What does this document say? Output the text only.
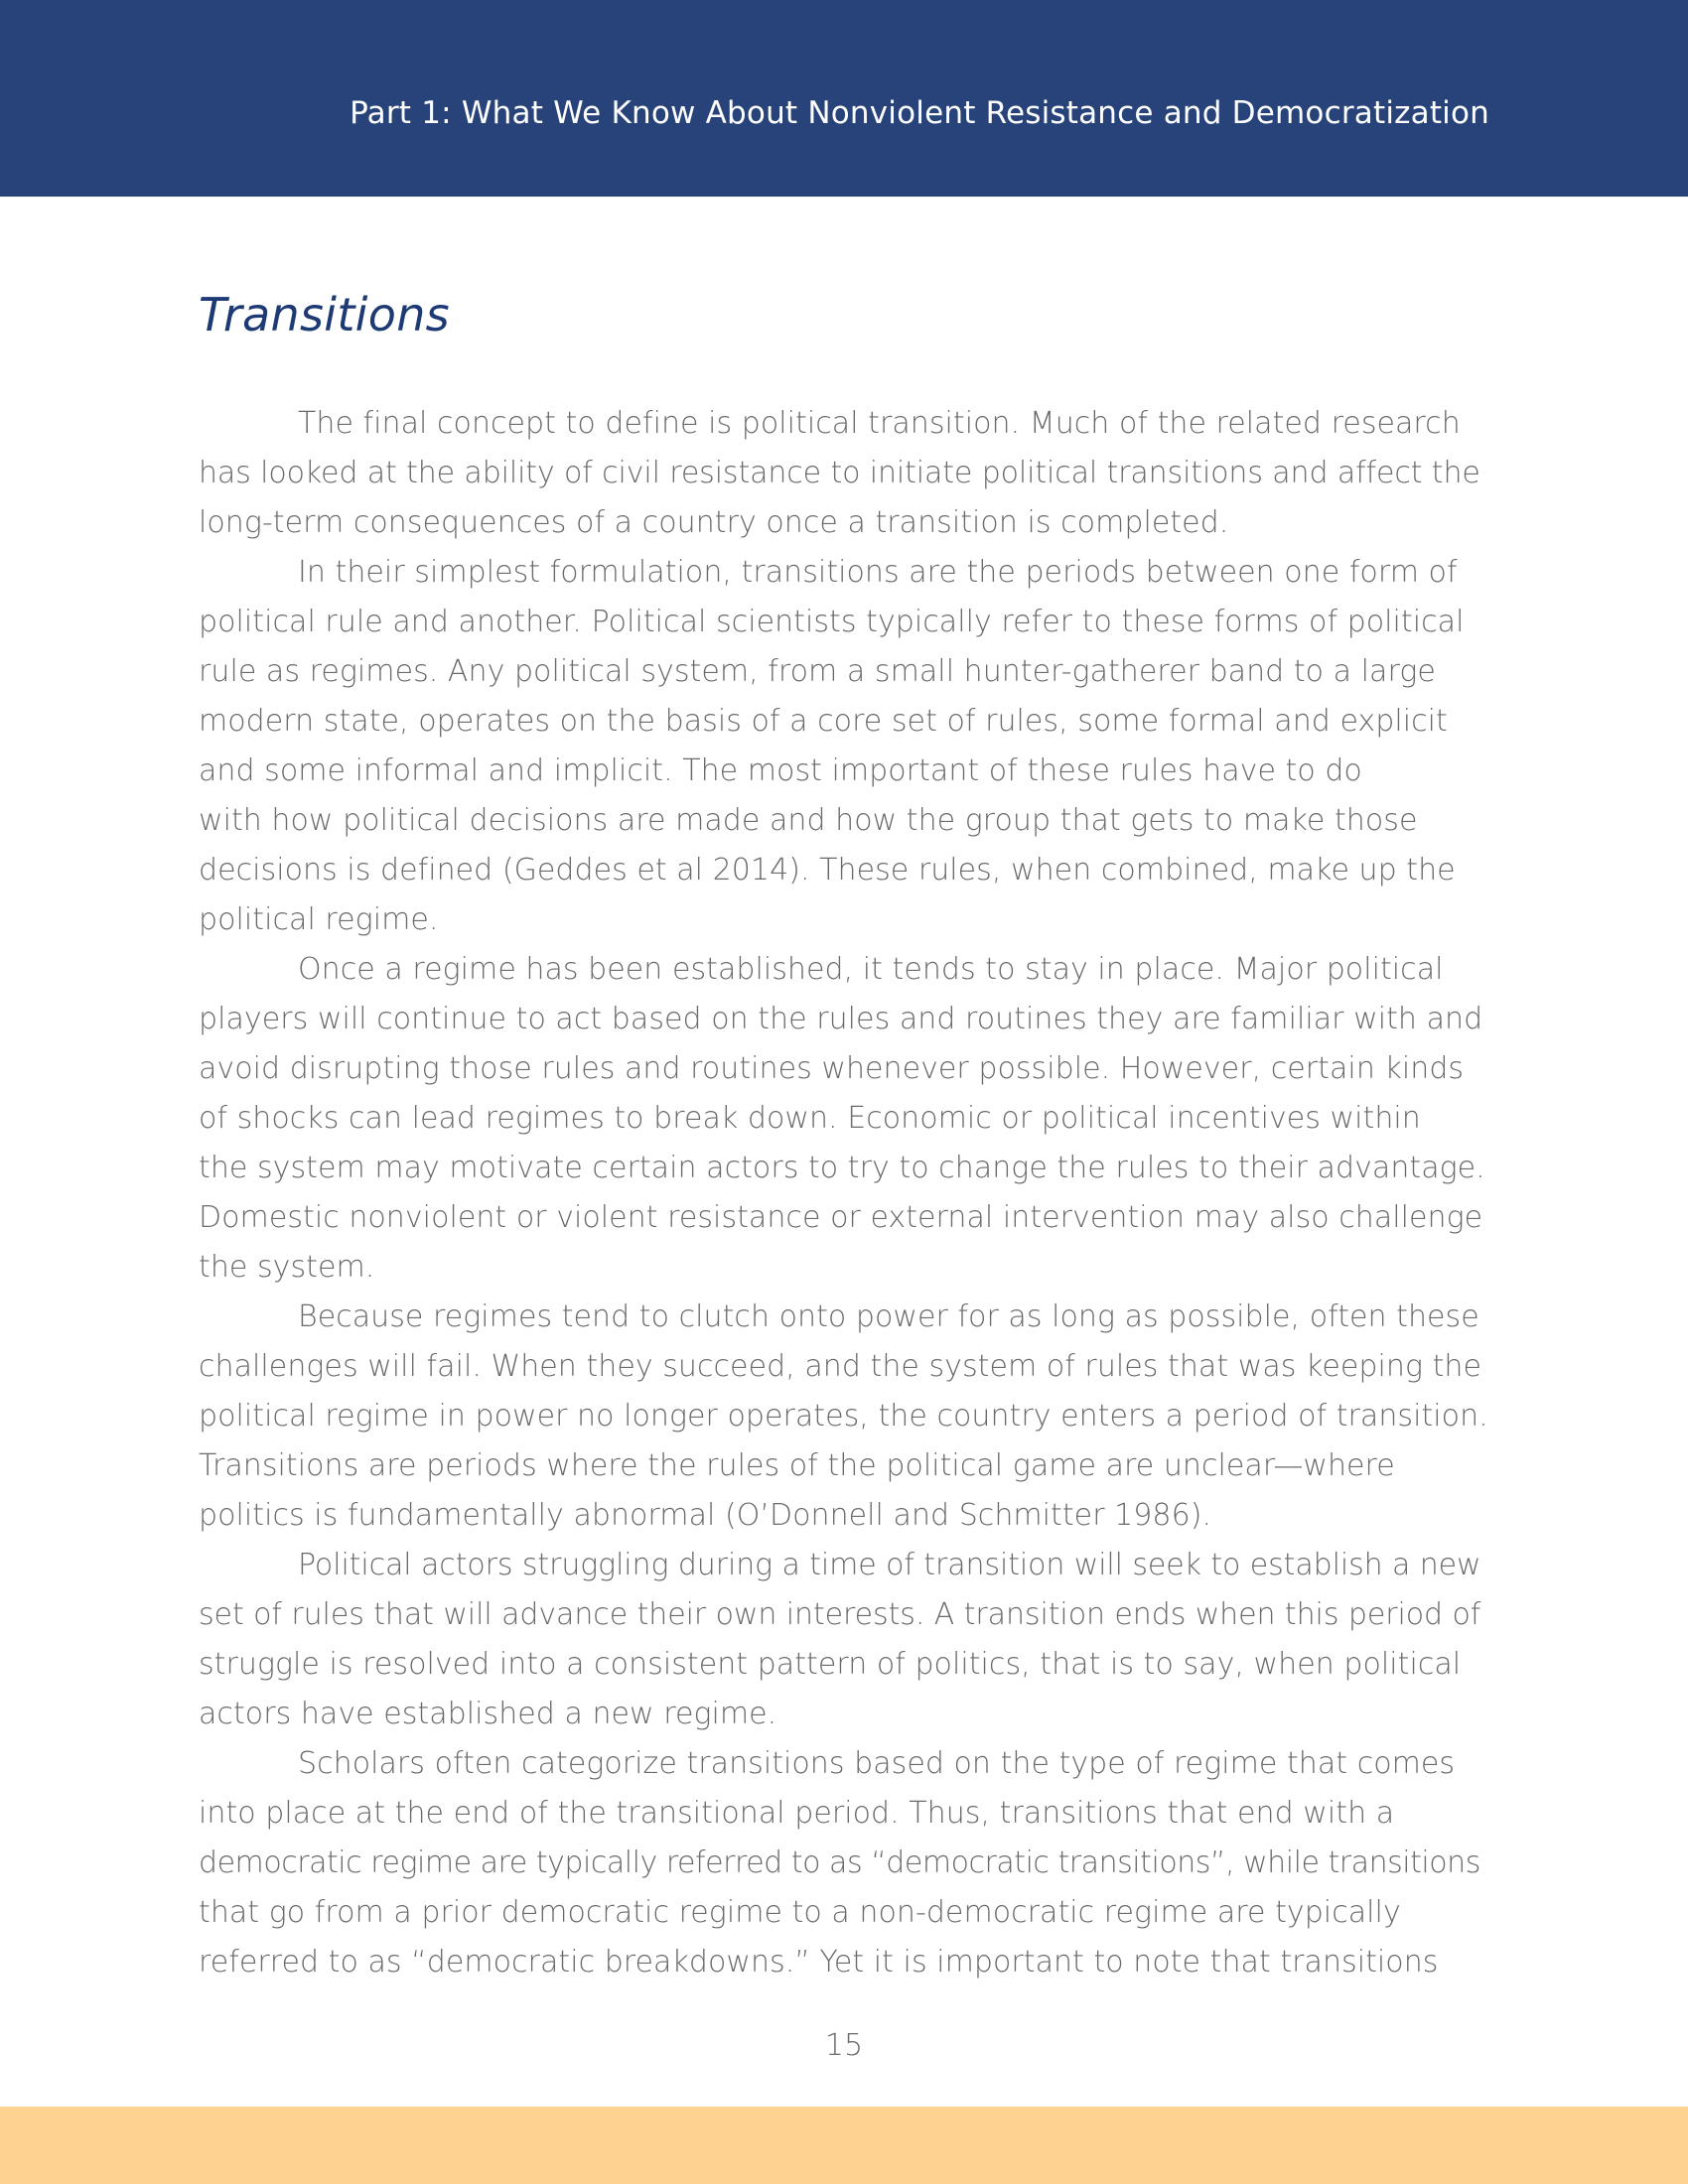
Part 1: What We Know About Nonviolent Resistance and Democratization
Transitions

The final concept to define is political transition. Much of the related research
has looked at the ability of civil resistance to initiate political transitions and affect the
long-term consequences of a country once a transition is completed.

In their simplest formulation, transitions are the periods between one form of
political rule and another. Political scientists typically refer to these forms of political
rule as regimes. Any political system, from a small hunter-gatherer band to a large
modern state, operates on the basis of a core set of rules, some formal and explicit
and some informal and implicit. The most important of these rules have to do
with how political decisions are made and how the group that gets to make those
decisions is defined (Geddes et al 2014). These rules, when combined, make up the
political regime.

Once a regime has been established, it tends to stay in place. Major political
players will continue to act based on the rules and routines they are familiar with and
avoid disrupting those rules and routines whenever possible. However, certain kinds
of shocks can lead regimes to break down. Economic or political incentives within
the system may motivate certain actors to try to change the rules to their advantage.
Domestic nonviolent or violent resistance or external intervention may also challenge
the system.

Because regimes tend to clutch onto power for as long as possible, often these
challenges will fail. When they succeed, and the system of rules that was keeping the
political regime in power no longer operates, the country enters a period of transition.
Transitions are periods where the rules of the political game are unclear—where
politics is fundamentally abnormal (O’Donnell and Schmitter 1986).

Political actors struggling during a time of transition will seek to establish a new
set of rules that will advance their own interests. A transition ends when this period of
struggle is resolved into a consistent pattern of politics, that is to say, when political
actors have established a new regime.

Scholars often categorize transitions based on the type of regime that comes
into place at the end of the transitional period. Thus, transitions that end with a
democratic regime are typically referred to as “democratic transitions”, while transitions
that go from a prior democratic regime to a non-democratic regime are typically
referred to as “democratic breakdowns.” Yet it is important to note that transitions

15
